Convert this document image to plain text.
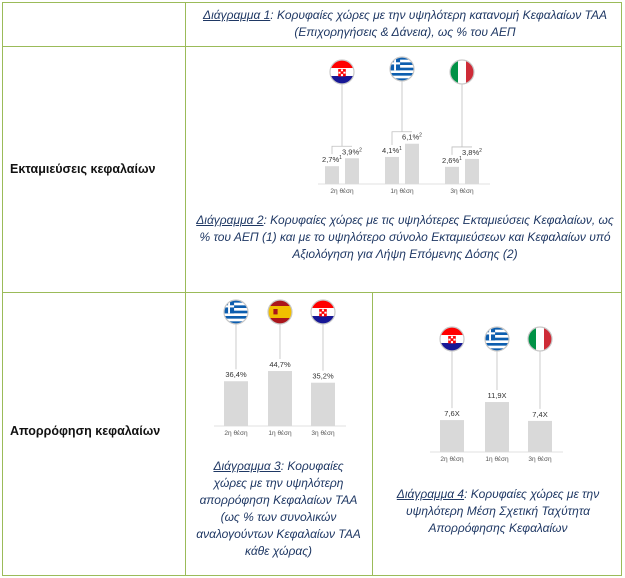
Διάγραμμα 1: Κορυφαίες χώρες με την υψηλότερη κατανομή Κεφαλαίων ΤΑΑ (Επιχορηγήσεις & Δάνεια), ως % του ΑΕΠ
Εκταμιεύσεις κεφαλαίων
2,7%$^1$
3,9%$^2$
2η θέση
4,1%$^1$
6,1%$^2$
1η θέση
2,6%$^1$
3,8%$^2$
3η θέση
Διάγραμμα 2: Κορυφαίες χώρες με τις υψηλότερες Εκταμιεύσεις Κεφαλαίων, ως % του ΑΕΠ (1) και με το υψηλότερο σύνολο Εκταμιεύσεων και Κεφαλαίων υπό Αξιολόγηση για Λήψη Επόμενης Δόσης (2)
Απορρόφηση κεφαλαίων
36,4%
2η θέση
44,7%
1η θέση
35,2%
3η θέση
Διάγραμμα 3: Κορυφαίες χώρες με την υψηλότερη απορρόφηση Κεφαλαίων ΤΑΑ (ως % των συνολικών αναλογούντων Κεφαλαίων ΤΑΑ κάθε χώρας)
7,6X
2η θέση
11,9X
1η θέση
7,4X
3η θέση
Διάγραμμα 4: Κορυφαίες χώρες με την υψηλότερη Μέση Σχετική Ταχύτητα Απορρόφησης Κεφαλαίων
